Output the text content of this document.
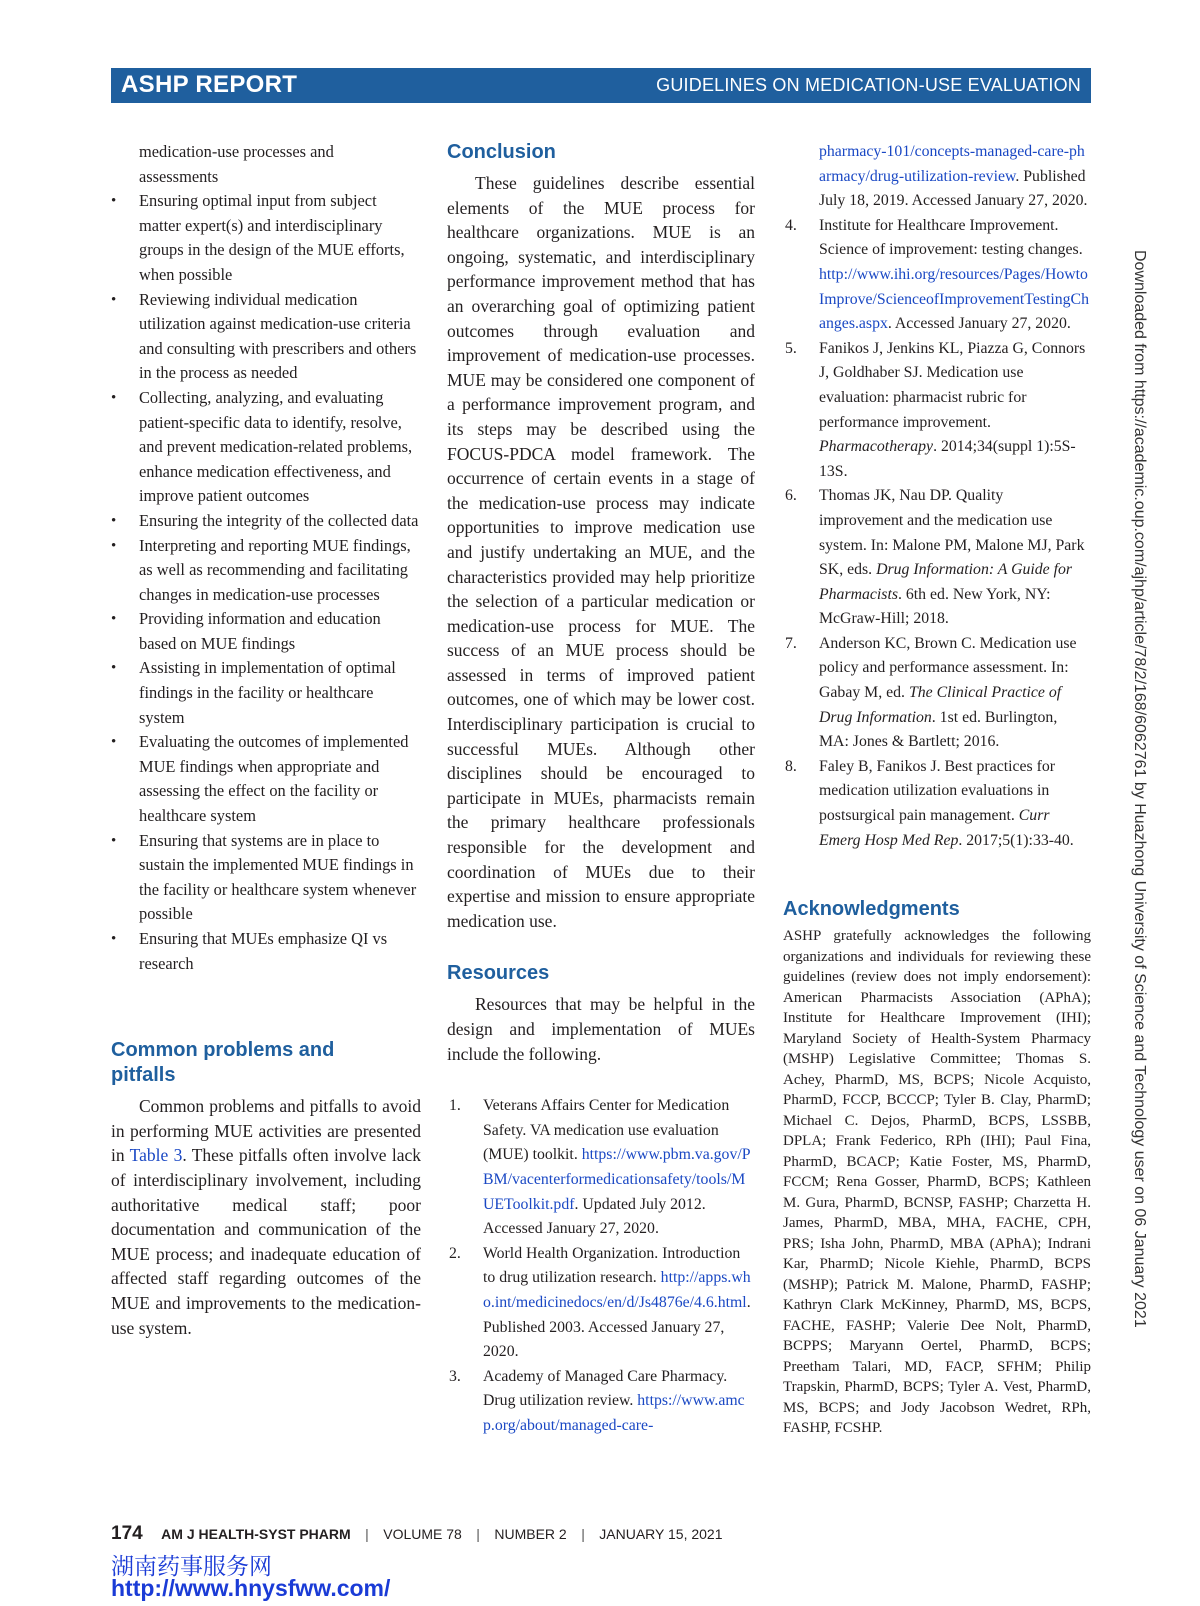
ASHP REPORT	GUIDELINES ON MEDICATION-USE EVALUATION
medication-use processes and
assessments
• Ensuring optimal input from subject matter expert(s) and interdisciplinary groups in the design of the MUE efforts, when possible
• Reviewing individual medication utilization against medication-use criteria and consulting with prescribers and others in the process as needed
• Collecting, analyzing, and evaluating patient-specific data to identify, resolve, and prevent medication-related problems, enhance medication effectiveness, and improve patient outcomes
• Ensuring the integrity of the collected data
• Interpreting and reporting MUE findings, as well as recommending and facilitating changes in medication-use processes
• Providing information and education based on MUE findings
• Assisting in implementation of optimal findings in the facility or healthcare system
• Evaluating the outcomes of implemented MUE findings when appropriate and assessing the effect on the facility or healthcare system
• Ensuring that systems are in place to sustain the implemented MUE findings in the facility or healthcare system whenever possible
• Ensuring that MUEs emphasize QI vs research
Common problems and pitfalls

Common problems and pitfalls to avoid in performing MUE activities are presented in Table 3. These pitfalls often involve lack of interdisciplinary involvement, including authoritative medical staff; poor documentation and communication of the MUE process; and inadequate education of affected staff regarding outcomes of the MUE and improvements to the medication-use system.

Conclusion

These guidelines describe essential elements of the MUE process for healthcare organizations. MUE is an ongoing, systematic, and interdisciplinary performance improvement method that has an overarching goal of optimizing patient outcomes through evaluation and improvement of medication-use processes. MUE may be considered one component of a performance improvement program, and its steps may be described using the FOCUS-PDCA model framework. The occurrence of certain events in a stage of the medication-use process may indicate opportunities to improve medication use and justify undertaking an MUE, and the characteristics provided may help prioritize the selection of a particular medication or medication-use process for MUE. The success of an MUE process should be assessed in terms of improved patient outcomes, one of which may be lower cost. Interdisciplinary participation is crucial to successful MUEs. Although other disciplines should be encouraged to participate in MUEs, pharmacists remain the primary healthcare professionals responsible for the development and coordination of MUEs due to their expertise and mission to ensure appropriate medication use.

Resources

Resources that may be helpful in the design and implementation of MUEs include the following.

1. Veterans Affairs Center for Medication Safety. VA medication use evaluation (MUE) toolkit. https://www.pbm.va.gov/PBM/vacenterformedicationsafety/tools/MUEToolkit.pdf. Updated July 2012. Accessed January 27, 2020.
2. World Health Organization. Introduction to drug utilization research. http://apps.who.int/medicinedocs/en/d/Js4876e/4.6.html. Published 2003. Accessed January 27, 2020.
3. Academy of Managed Care Pharmacy. Drug utilization review. https://www.amcp.org/about/managed-care-
pharmacy-101/concepts-managed-care-pharmacy/drug-utilization-review. Published July 18, 2019. Accessed January 27, 2020.
4. Institute for Healthcare Improvement. Science of improvement: testing changes. http://www.ihi.org/resources/Pages/HowtoImprove/ScienceofImprovementTestingChanges.aspx. Accessed January 27, 2020.
5. Fanikos J, Jenkins KL, Piazza G, Connors J, Goldhaber SJ. Medication use evaluation: pharmacist rubric for performance improvement. Pharmacotherapy. 2014;34(suppl 1):5S-13S.
6. Thomas JK, Nau DP. Quality improvement and the medication use system. In: Malone PM, Malone MJ, Park SK, eds. Drug Information: A Guide for Pharmacists. 6th ed. New York, NY: McGraw-Hill; 2018.
7. Anderson KC, Brown C. Medication use policy and performance assessment. In: Gabay M, ed. The Clinical Practice of Drug Information. 1st ed. Burlington, MA: Jones & Bartlett; 2016.
8. Faley B, Fanikos J. Best practices for medication utilization evaluations in postsurgical pain management. Curr Emerg Hosp Med Rep. 2017;5(1):33-40.
Acknowledgments

ASHP gratefully acknowledges the following organizations and individuals for reviewing these guidelines (review does not imply endorsement): American Pharmacists Association (APhA); Institute for Healthcare Improvement (IHI); Maryland Society of Health-System Pharmacy (MSHP) Legislative Committee; Thomas S. Achey, PharmD, MS, BCPS; Nicole Acquisto, PharmD, FCCP, BCCCP; Tyler B. Clay, PharmD; Michael C. Dejos, PharmD, BCPS, LSSBB, DPLA; Frank Federico, RPh (IHI); Paul Fina, PharmD, BCACP; Katie Foster, MS, PharmD, FCCM; Rena Gosser, PharmD, BCPS; Kathleen M. Gura, PharmD, BCNSP, FASHP; Charzetta H. James, PharmD, MBA, MHA, FACHE, CPH, PRS; Isha John, PharmD, MBA (APhA); Indrani Kar, PharmD; Nicole Kiehle, PharmD, BCPS (MSHP); Patrick M. Malone, PharmD, FASHP; Kathryn Clark McKinney, PharmD, MS, BCPS, FACHE, FASHP; Valerie Dee Nolt, PharmD, BCPPS; Maryann Oertel, PharmD, BCPS; Preetham Talari, MD, FACP, SFHM; Philip Trapskin, PharmD, BCPS; Tyler A. Vest, PharmD, MS, BCPS; and Jody Jacobson Wedret, RPh, FASHP, FCSHP.

174 AM J HEALTH-SYST PHARM | VOLUME 78 | NUMBER 2 | JANUARY 15, 2021
湖南药事服务网
http://www.hnysfww.com/
Downloaded from https://academic.oup.com/ajhp/article/78/2/168/6062761 by Huazhong University of Science and Technology user on 06 January 2021
